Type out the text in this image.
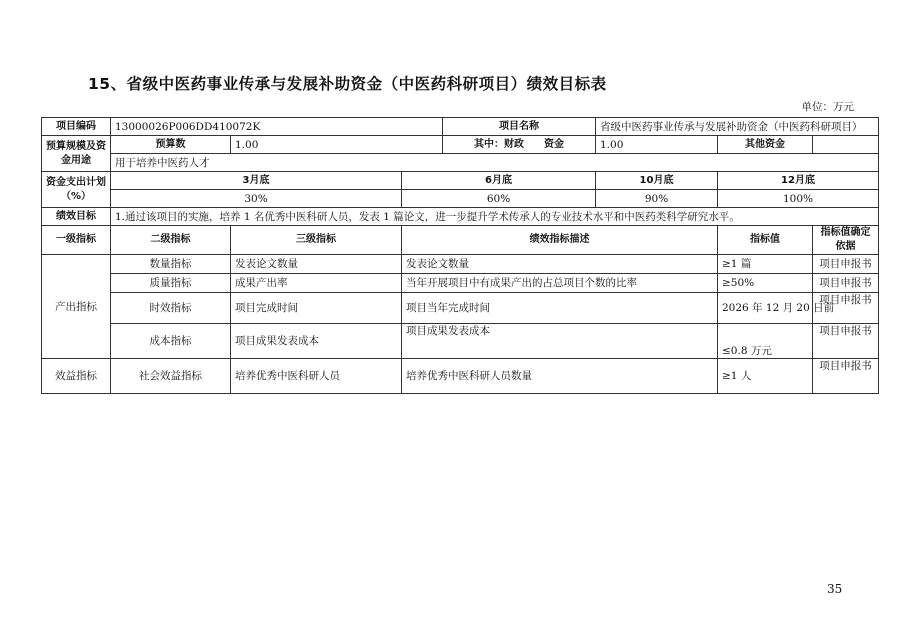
15、省级中医药事业传承与发展补助资金（中医药科研项目）绩效目标表
单位：万元
项目编码	13000026P006DD410072K			项目名称	省级中医药事业传承与发展补助资金（中医药科研项目）		
预算规模及资金用途	预算数	1.00		其中：财政　　资金	1.00	其他资金	
	用于培养中医药人才						
资金支出计划（%）	3月底		6月底		10月底	12月底	
	30%		60%		90%	100%	
绩效目标	1.通过该项目的实施，培养 1 名优秀中医科研人员，发表 1 篇论文，进一步提升学术传承人的专业技术水平和中医药类科学研究水平。						
一级指标	二级指标	三级指标	绩效指标描述			指标值	指标值确定依据
产出指标	数量指标	发表论文数量	发表论文数量			≥1 篇	项目申报书
	质量指标	成果产出率	当年开展项目中有成果产出的占总项目个数的比率			≥50%	项目申报书
	时效指标	项目完成时间	项目当年完成时间			2026 年 12 月 20 日前	项目申报书
	成本指标	项目成果发表成本	项目成果发表成本			≤0.8 万元	项目申报书
效益指标	社会效益指标	培养优秀中医科研人员	培养优秀中医科研人员数量			≥1 人	项目申报书
35
